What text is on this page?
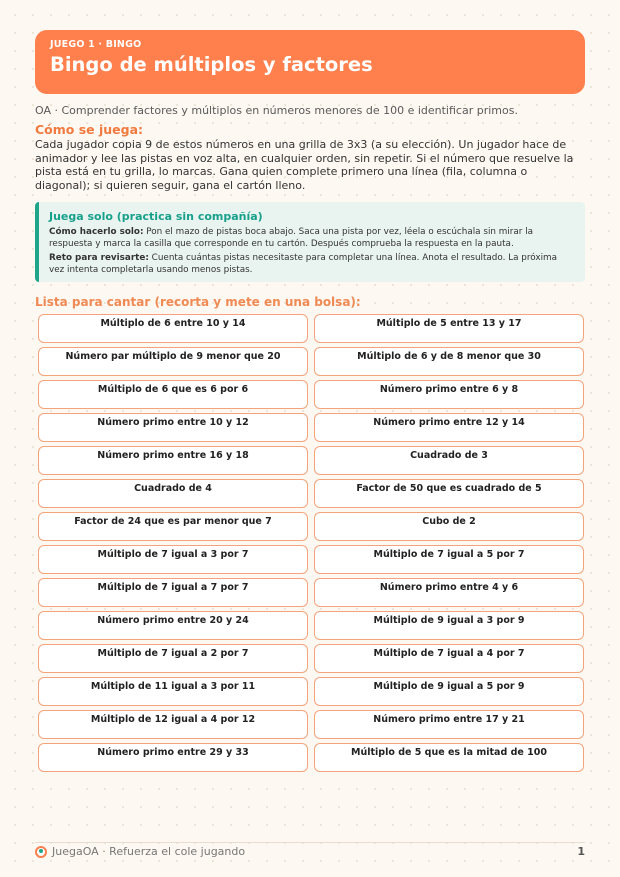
JUEGO 1 · BINGO
Bingo de múltiplos y factores
OA · Comprender factores y múltiplos en números menores de 100 e identificar primos.
Cómo se juega:
Cada jugador copia 9 de estos números en una grilla de 3x3 (a su elección). Un jugador hace de animador y lee las pistas en voz alta, en cualquier orden, sin repetir. Si el número que resuelve la pista está en tu grilla, lo marcas. Gana quien complete primero una línea (fila, columna o diagonal); si quieren seguir, gana el cartón lleno.
Juega solo (practica sin compañía)

Cómo hacerlo solo: Pon el mazo de pistas boca abajo. Saca una pista por vez, léela o escúchala sin mirar la respuesta y marca la casilla que corresponde en tu cartón. Después comprueba la respuesta en la pauta.

Reto para revisarte: Cuenta cuántas pistas necesitaste para completar una línea. Anota el resultado. La próxima vez intenta completarla usando menos pistas.

Lista para cantar (recorta y mete en una bolsa):
Múltiplo de 6 entre 10 y 14	Múltiplo de 5 entre 13 y 17
Número par múltiplo de 9 menor que 20	Múltiplo de 6 y de 8 menor que 30
Múltiplo de 6 que es 6 por 6	Número primo entre 6 y 8
Número primo entre 10 y 12	Número primo entre 12 y 14
Número primo entre 16 y 18	Cuadrado de 3
Cuadrado de 4	Factor de 50 que es cuadrado de 5
Factor de 24 que es par menor que 7	Cubo de 2
Múltiplo de 7 igual a 3 por 7	Múltiplo de 7 igual a 5 por 7
Múltiplo de 7 igual a 7 por 7	Número primo entre 4 y 6
Número primo entre 20 y 24	Múltiplo de 9 igual a 3 por 9
Múltiplo de 7 igual a 2 por 7	Múltiplo de 7 igual a 4 por 7
Múltiplo de 11 igual a 3 por 11	Múltiplo de 9 igual a 5 por 9
Múltiplo de 12 igual a 4 por 12	Número primo entre 17 y 21
Número primo entre 29 y 33	Múltiplo de 5 que es la mitad de 100
JuegaOA · Refuerza el cole jugando	1
